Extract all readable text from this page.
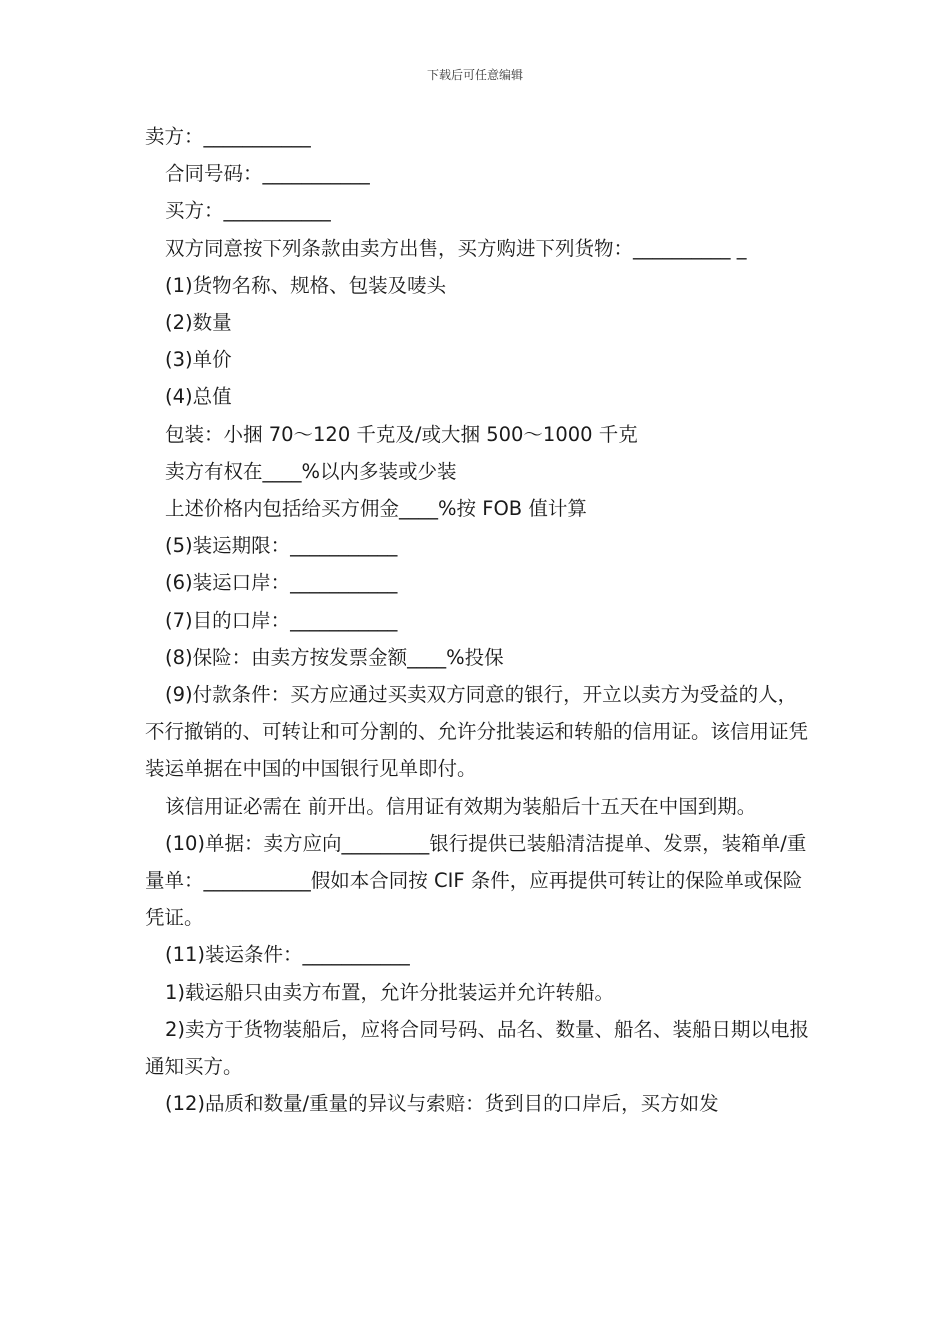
下载后可任意编辑

卖方：___________

合同号码：___________

买方：___________

双方同意按下列条款由卖方出售，买方购进下列货物：__________ _

(1)货物名称、规格、包装及唛头

(2)数量

(3)单价

(4)总值

包装：小捆 70～120 千克及/或大捆 500～1000 千克

卖方有权在____%以内多装或少装

上述价格内包括给买方佣金____%按 FOB 值计算

(5)装运期限：___________

(6)装运口岸：___________

(7)目的口岸：___________

(8)保险：由卖方按发票金额____%投保

(9)付款条件：买方应通过买卖双方同意的银行，开立以卖方为受益的人，不行撤销的、可转让和可分割的、允许分批装运和转船的信用证。该信用证凭装运单据在中国的中国银行见单即付。

该信用证必需在 前开出。信用证有效期为装船后十五天在中国到期。

(10)单据：卖方应向_________银行提供已装船清洁提单、发票，装箱单/重量单：___________假如本合同按 CIF 条件，应再提供可转让的保险单或保险凭证。

(11)装运条件：___________

1)载运船只由卖方布置，允许分批装运并允许转船。

2)卖方于货物装船后，应将合同号码、品名、数量、船名、装船日期以电报通知买方。

(12)品质和数量/重量的异议与索赔：货到目的口岸后，买方如发
